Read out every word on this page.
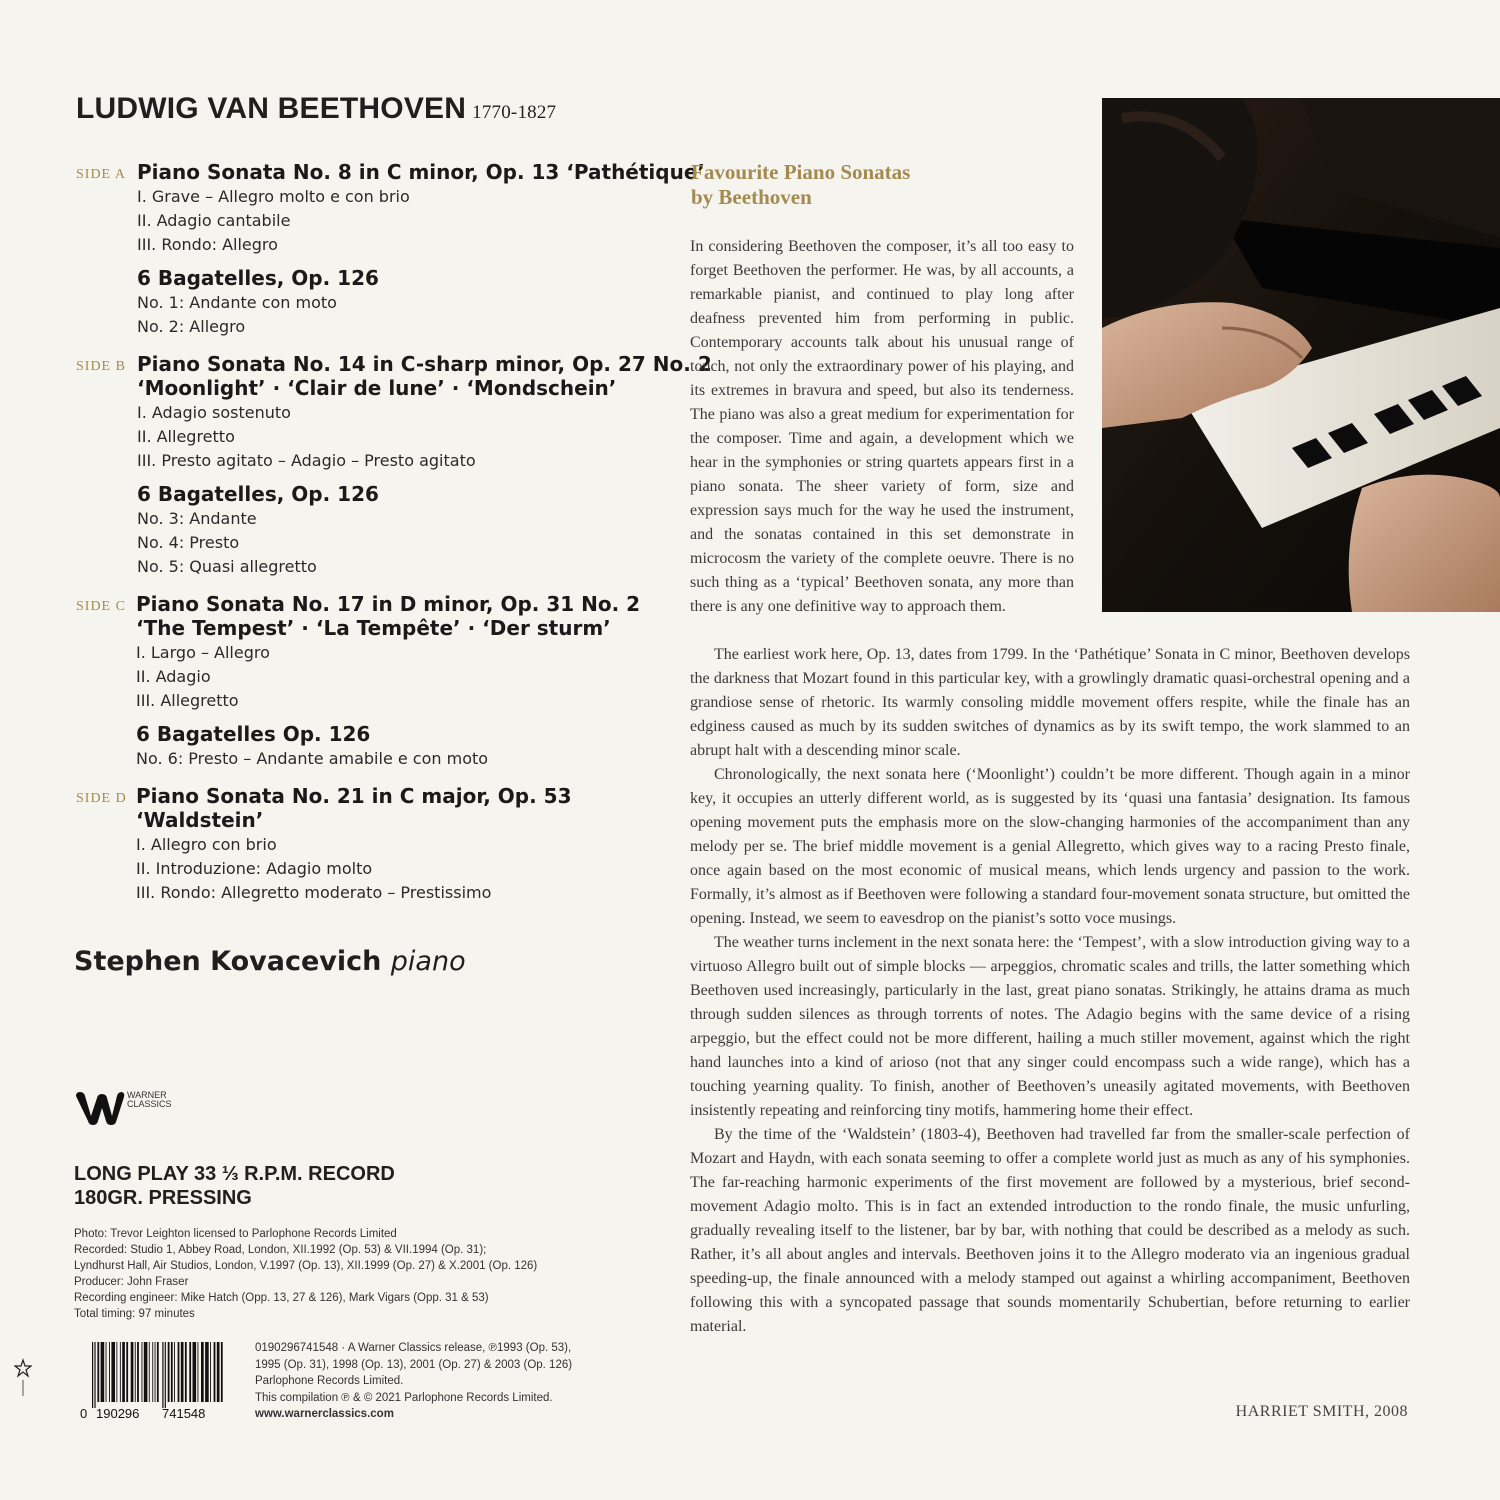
LUDWIG VAN BEETHOVEN 1770-1827
SIDE A Piano Sonata No. 8 in C minor, Op. 13 ‘Pathétique’
I. Grave – Allegro molto e con brio
II. Adagio cantabile
III. Rondo: Allegro
6 Bagatelles, Op. 126
No. 1: Andante con moto
No. 2: Allegro
SIDE B Piano Sonata No. 14 in C-sharp minor, Op. 27 No. 2
‘Moonlight’ · ‘Clair de lune’ · ‘Mondschein’
I. Adagio sostenuto
II. Allegretto
III. Presto agitato – Adagio – Presto agitato
6 Bagatelles, Op. 126
No. 3: Andante
No. 4: Presto
No. 5: Quasi allegretto
SIDE C Piano Sonata No. 17 in D minor, Op. 31 No. 2
‘The Tempest’ · ‘La Tempête’ · ‘Der sturm’
I. Largo – Allegro
II. Adagio
III. Allegretto
6 Bagatelles Op. 126
No. 6: Presto – Andante amabile e con moto
SIDE D Piano Sonata No. 21 in C major, Op. 53
‘Waldstein’
I. Allegro con brio
II. Introduzione: Adagio molto
III. Rondo: Allegretto moderato – Prestissimo
Stephen Kovacevich piano
WARNER
CLASSICS
LONG PLAY 33 ⅓ R.P.M. RECORD
180GR. PRESSING
Photo: Trevor Leighton licensed to Parlophone Records Limited
Recorded: Studio 1, Abbey Road, London, XII.1992 (Op. 53) & VII.1994 (Op. 31);
Lyndhurst Hall, Air Studios, London, V.1997 (Op. 13), XII.1999 (Op. 27) & X.2001 (Op. 126)
Producer: John Fraser
Recording engineer: Mike Hatch (Opp. 13, 27 & 126), Mark Vigars (Opp. 31 & 53)
Total timing: 97 minutes
0 190296 741548
0190296741548 · A Warner Classics release, ℗1993 (Op. 53),
1995 (Op. 31), 1998 (Op. 13), 2001 (Op. 27) & 2003 (Op. 126)
Parlophone Records Limited.
This compilation ℗ & © 2021 Parlophone Records Limited.
www.warnerclassics.com
Favourite Piano Sonatas
by Beethoven

In considering Beethoven the composer, it’s all too easy to forget Beethoven the performer. He was, by all accounts, a remarkable pianist, and continued to play long after deafness prevented him from performing in public. Contemporary accounts talk about his unusual range of touch, not only the extraordinary power of his playing, and its extremes in bravura and speed, but also its tenderness. The piano was also a great medium for experimentation for the composer. Time and again, a development which we hear in the symphonies or string quartets appears first in a piano sonata. The sheer variety of form, size and expression says much for the way he used the instrument, and the sonatas contained in this set demonstrate in microcosm the variety of the complete oeuvre. There is no such thing as a ‘typical’ Beethoven sonata, any more than there is any one definitive way to approach them.

The earliest work here, Op. 13, dates from 1799. In the ‘Pathétique’ Sonata in C minor, Beethoven develops the darkness that Mozart found in this particular key, with a growlingly dramatic quasi-orchestral opening and a grandiose sense of rhetoric. Its warmly consoling middle movement offers respite, while the finale has an edginess caused as much by its sudden switches of dynamics as by its swift tempo, the work slammed to an abrupt halt with a descending minor scale.

Chronologically, the next sonata here (‘Moonlight’) couldn’t be more different. Though again in a minor key, it occupies an utterly different world, as is suggested by its ‘quasi una fantasia’ designation. Its famous opening movement puts the emphasis more on the slow-changing harmonies of the accompaniment than any melody per se. The brief middle movement is a genial Allegretto, which gives way to a racing Presto finale, once again based on the most economic of musical means, which lends urgency and passion to the work. Formally, it’s almost as if Beethoven were following a standard four-movement sonata structure, but omitted the opening. Instead, we seem to eavesdrop on the pianist’s sotto voce musings.

The weather turns inclement in the next sonata here: the ‘Tempest’, with a slow introduction giving way to a virtuoso Allegro built out of simple blocks — arpeggios, chromatic scales and trills, the latter something which Beethoven used increasingly, particularly in the last, great piano sonatas. Strikingly, he attains drama as much through sudden silences as through torrents of notes. The Adagio begins with the same device of a rising arpeggio, but the effect could not be more different, hailing a much stiller movement, against which the right hand launches into a kind of arioso (not that any singer could encompass such a wide range), which has a touching yearning quality. To finish, another of Beethoven’s uneasily agitated movements, with Beethoven insistently repeating and reinforcing tiny motifs, hammering home their effect.

By the time of the ‘Waldstein’ (1803-4), Beethoven had travelled far from the smaller-scale perfection of Mozart and Haydn, with each sonata seeming to offer a complete world just as much as any of his symphonies. The far-reaching harmonic experiments of the first movement are followed by a mysterious, brief second-movement Adagio molto. This is in fact an extended introduction to the rondo finale, the music unfurling, gradually revealing itself to the listener, bar by bar, with nothing that could be described as a melody as such. Rather, it’s all about angles and intervals. Beethoven joins it to the Allegro moderato via an ingenious gradual speeding-up, the finale announced with a melody stamped out against a whirling accompaniment, Beethoven following this with a syncopated passage that sounds momentarily Schubertian, before returning to earlier material.

HARRIET SMITH, 2008
